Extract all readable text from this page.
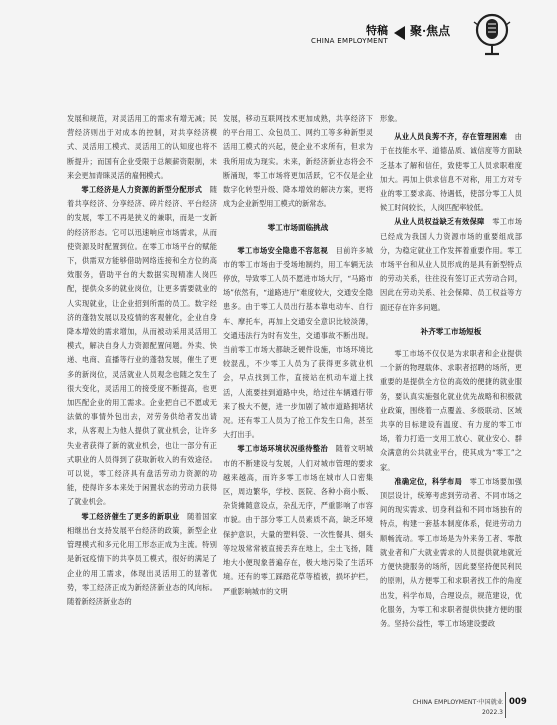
特稿
CHINA EMPLOYMENT
聚·焦点

发展和规范，对灵活用工的需求有增无减；民营经济则出于对成本的控制，对共享经济模式、灵活用工模式、灵活用工的认知度也将不断提升；而国有企业受限于总额薪资限制，未来会更加青睐灵活的雇佣模式。

零工经济是人力资源的新型分配形式　 随着共享经济、分享经济、碎片经济、平台经济的发展，零工不再是狭义的兼职，而是一支新的经济形态。它可以迅速响应市场需求，从而使资源及时配置到位。在零工市场平台的赋能下，供需双方能够借助网络连接和全方位的高效服务，借助平台的大数据实现精准人岗匹配，提供众多的就业岗位，让更多需要就业的人实现就业，让企业招到所需的员工。数字经济的蓬勃发展以及疫情的客观催化，企业自身降本增效的需求增加，从而被动采用灵活用工模式，解决自身人力资源配置问题。外卖、快递、电商、直播等行业的蓬勃发展，催生了更多的新岗位，灵活就业人员观念也随之发生了很大变化，灵活用工的接受度不断提高，也更加匹配企业的用工需求。企业把自己不愿或无法做的事情外包出去，对劳务供给者发出请求，从客观上为他人提供了就业机会，让许多失业者获得了新的就业机会，也让一部分有正式职业的人员得到了获取新收入的有效途径。可以说，零工经济具有盘活劳动力资源的功能，使得许多本来处于闲置状态的劳动力获得了就业机会。

零工经济催生了更多的新职业　 随着国家相继出台支持发展平台经济的政策，新型企业管理模式和多元化用工形态正成为主流。特别是新冠疫情下的共享员工模式，很好的满足了企业的用工需求，体现出灵活用工的显著优势，零工经济正成为新经济新业态的风向标。随着新经济新业态的

发展，移动互联网技术更加成熟，共享经济下的平台用工、众包员工、网约工等多种新型灵活用工模式的兴起，使企业不求所有，但求为我所用成为现实。未来，新经济新业态将会不断涌现，零工市场将更加活跃，它不仅是企业数字化转型升级、降本增效的解决方案，更将成为企业新型用工模式的新常态。

零工市场面临挑战

零工市场安全隐患不容忽视　 目前许多城市的零工市场由于受场地制约，用工车辆无法停放，导致零工人员不愿进市场大厅，“马路市场”依然有，“道路进厅”难度较大，交通安全隐患多。由于零工人员出行基本靠电动车、自行车、摩托车，再加上交通安全意识比较淡薄，交通违法行为时有发生，交通事故不断出现。当前零工市场大都缺乏硬件设施，市场环境比较混乱，不少零工人员为了获得更多就业机会，早点找到工作，直接站在机动车道上找活，人流要挂到道路中央，给过往车辆通行带来了极大不便，进一步加剧了城市道路拥堵状况。还有零工人员为了抢工作发生口角，甚至大打出手。

零工市场环境状况亟待整治　 随着文明城市的不断建设与发展，人们对城市管理的要求越来越高，而许多零工市场在城市人口密集区，周边繁华，学校、医院、各种小商小贩、杂货摊随意设点，杂乱无序，严重影响了市容市貌。由于部分零工人员素质不高，缺乏环境保护意识，大量的塑料袋、一次性餐具、烟头等垃圾常常被直接丢弃在地上，尘土飞扬，随地大小便现象普遍存在，极大地污染了生活环境。还有的零工踩踏花草等植被，损坏护栏，严重影响城市的文明

形象。

从业人员良莠不齐，存在管理困难　 由于在技能水平、道德品质、诚信度等方面缺乏基本了解和信任，致使零工人员求职难度加大。再加上供求信息不对称，用工方对专业的零工要求高、待遇低，使部分零工人员候工时间较长，人岗匹配率较低。

从业人员权益缺乏有效保障　 零工市场已经成为我国人力资源市场的重要组成部分，为稳定就业工作发挥着重要作用。零工市场平台和从业人员形成的是具有新型特点的劳动关系，往往没有签订正式劳动合同，因此在劳动关系、社会保障、员工权益等方面还存在许多问题。

补齐零工市场短板

零工市场不仅仅是为求职者和企业提供一个新的物理载体、求职者招聘的场所，更重要的是提供全方位的高效的便捷的就业服务，要认真实施强化就业优先战略和积极就业政策，围绕着一点覆盖、多级联动、区域共享的目标建设有温度、有力度的零工市场，着力打造一支用工放心、就业安心、群众满意的公共就业平台，使其成为“零工”之家。

准确定位，科学布局　 零工市场要加强顶层设计，统筹考虑到劳动者、不同市场之间的现实需求、切身利益和不同市场独有的特点，构建一套基本制度体系，促进劳动力顺畅流动。零工市场是为外来务工者、零散就业者和广大就业需求的人员提供就地就近方便快捷服务的场所，因此要坚持便民利民的原则，从方便零工和求职者找工作的角度出发，科学布局，合理设点，规范建设，优化服务，为零工和求职者提供快捷方便的服务。坚持公益性，零工市场建设要政

CHINA EMPLOYMENT·中国就业
2022.3
009
